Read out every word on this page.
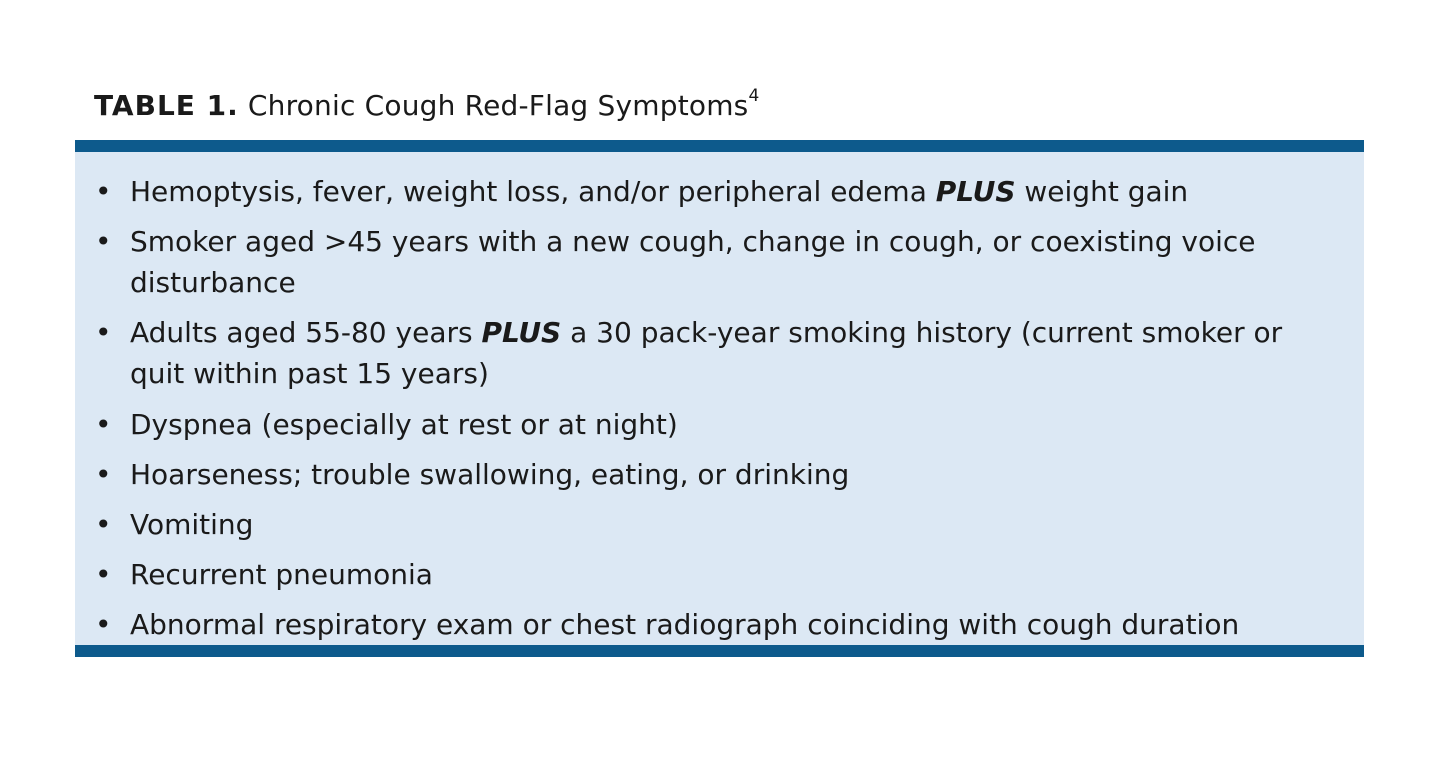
TABLE 1. Chronic Cough Red-Flag Symptoms$^4$
• Hemoptysis, fever, weight loss, and/or peripheral edema PLUS weight gain
• Smoker aged >45 years with a new cough, change in cough, or coexisting voice
disturbance
• Adults aged 55-80 years PLUS a 30 pack-year smoking history (current smoker or
quit within past 15 years)
• Dyspnea (especially at rest or at night)
• Hoarseness; trouble swallowing, eating, or drinking
• Vomiting
• Recurrent pneumonia
• Abnormal respiratory exam or chest radiograph coinciding with cough duration
